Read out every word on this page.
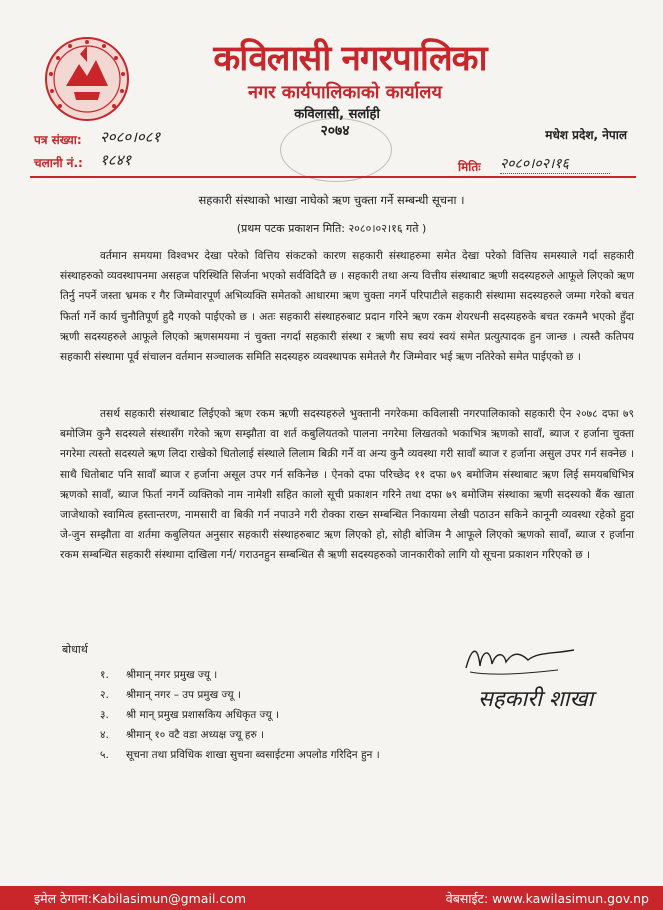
कविलासी नगरपालिका
नगर कार्यपालिकाको कार्यालय
कविलासी, सर्लाही
२०७४
पत्र संख्या: २०८०।०८१
चलानी नं.: १८४१
मधेश प्रदेश, नेपाल
मितिः २०८०।०२।१६
सहकारी संस्थाको भाखा नाघेको ऋण चुक्ता गर्ने सम्बन्धी सूचना ।
(प्रथम पटक प्रकाशन मिति: २०८०।०२।१६ गते )
वर्तमान समयमा विश्वभर देखा परेको वित्तिय संकटको कारण सहकारी संस्थाहरुमा समेत देखा परेको वित्तिय समस्याले गर्दा सहकारी संस्थाहरुको व्यवस्थापनमा असहज परिस्थिति सिर्जना भएको सर्वविदितै छ । सहकारी तथा अन्य वित्तीय संस्थाबाट ऋणी सदस्यहरुले आफूले लिएको ऋण तिर्नु नपर्ने जस्ता भ्रमक र गैर जिम्मेवारपूर्ण अभिव्यक्ति समेतको आधारमा ऋण चुक्ता नगर्ने परिपाटीले सहकारी संस्थामा सदस्यहरुले जम्मा गरेको बचत फिर्ता गर्ने कार्य चुनौतिपूर्ण हुदै गएको पाईएको छ । अतः सहकारी संस्थाहरुबाट प्रदान गरिने ऋण रकम शेयरधनी सदस्यहरुके बचत रकमनै भएको हुँदा ऋणी सदस्यहरुले आफूले लिएको ऋणसमयमा नं चुक्ता नगर्दा सहकारी संस्था र ऋणी सघ स्वयं स्वयं समेत प्रत्युत्पादक हुन जान्छ । त्यस्तै कतिपय सहकारी संस्थामा पूर्व संचालन वर्तमान सञ्चालक समिति सदस्यहरु व्यवस्थापक समेतले गैर जिम्मेवार भई ऋण नतिरेको समेत पाईएको छ ।
तसर्थ सहकारी संस्थाबाट लिईएको ऋण रकम ऋणी सदस्यहरुले भुक्तानी नगरेकमा कविलासी नगरपालिकाको सहकारी ऐन २०७८ दफा ७९ बमोजिम कुनै सदस्यले संस्थासँग गरेको ऋण सम्झौता वा शर्त कबुलियतको पालना नगरेमा लिखतको भकाभित्र ऋणको सावाँ, ब्याज र हर्जाना चुक्ता नगरेमा त्यस्तो सदस्यले ऋण लिदा राखेको धितोलाई संस्थाले लिलाम बिक्री गर्ने वा अन्य कुनै व्यवस्था गरी सावाँ ब्याज र हर्जाना असुल उपर गर्न सक्नेछ । साथै धितोबाट पनि सावाँ ब्याज र हर्जाना असूल उपर गर्न सकिनेछ । ऐनको दफा परिच्छेद ११ दफा ७९ बमोजिम संस्थाबाट ऋण लिई समयबधिभित्र ऋणको सावाँ, ब्याज फिर्ता नगर्ने व्यक्तिको नाम नामेशी सहित कालो सूची प्रकाशन गरिने तथा दफा ७९ बमोजिम संस्थाका ऋणी सदस्यको बैंक खाता जाजेथाको स्वामित्व हस्तान्तरण, नामसारी वा बिकी गर्न नपाउने गरी रोक्का राख्न सम्बन्धित निकायमा लेखी पठाउन सकिने कानूनी व्यवस्था रहेको हुदा जे-जुन सम्झौता वा शर्तमा कबुलियत अनुसार सहकारी संस्थाहरुबाट ऋण लिएको हो, सोही बोजिम नै आफूले लिएको ऋणको सावाँ, ब्याज र हर्जाना रकम सम्बन्धित सहकारी संस्थामा दाखिला गर्न/ गराउनहुन सम्बन्धित सै ऋणी सदस्यहरुको जानकारीको लागि यो सूचना प्रकाशन गरिएको छ ।
बोधार्थ
१. श्रीमान् नगर प्रमुख ज्यू ।
२. श्रीमान् नगर – उप प्रमुख ज्यू ।
३. श्री मान् प्रमुख प्रशासकिय अधिकृत ज्यू ।
४. श्रीमान् १० वटै वडा अध्यक्ष ज्यू हरु ।
५. सूचना तथा प्रविधिक शाखा सुचना ब्वसाईटमा अपलोड गरिदिन हुन ।
सहकारी शाखा
इमेल ठेगाना:Kabilasimun@gmail.com	वेबसाईट: www.kawilasimun.gov.np
